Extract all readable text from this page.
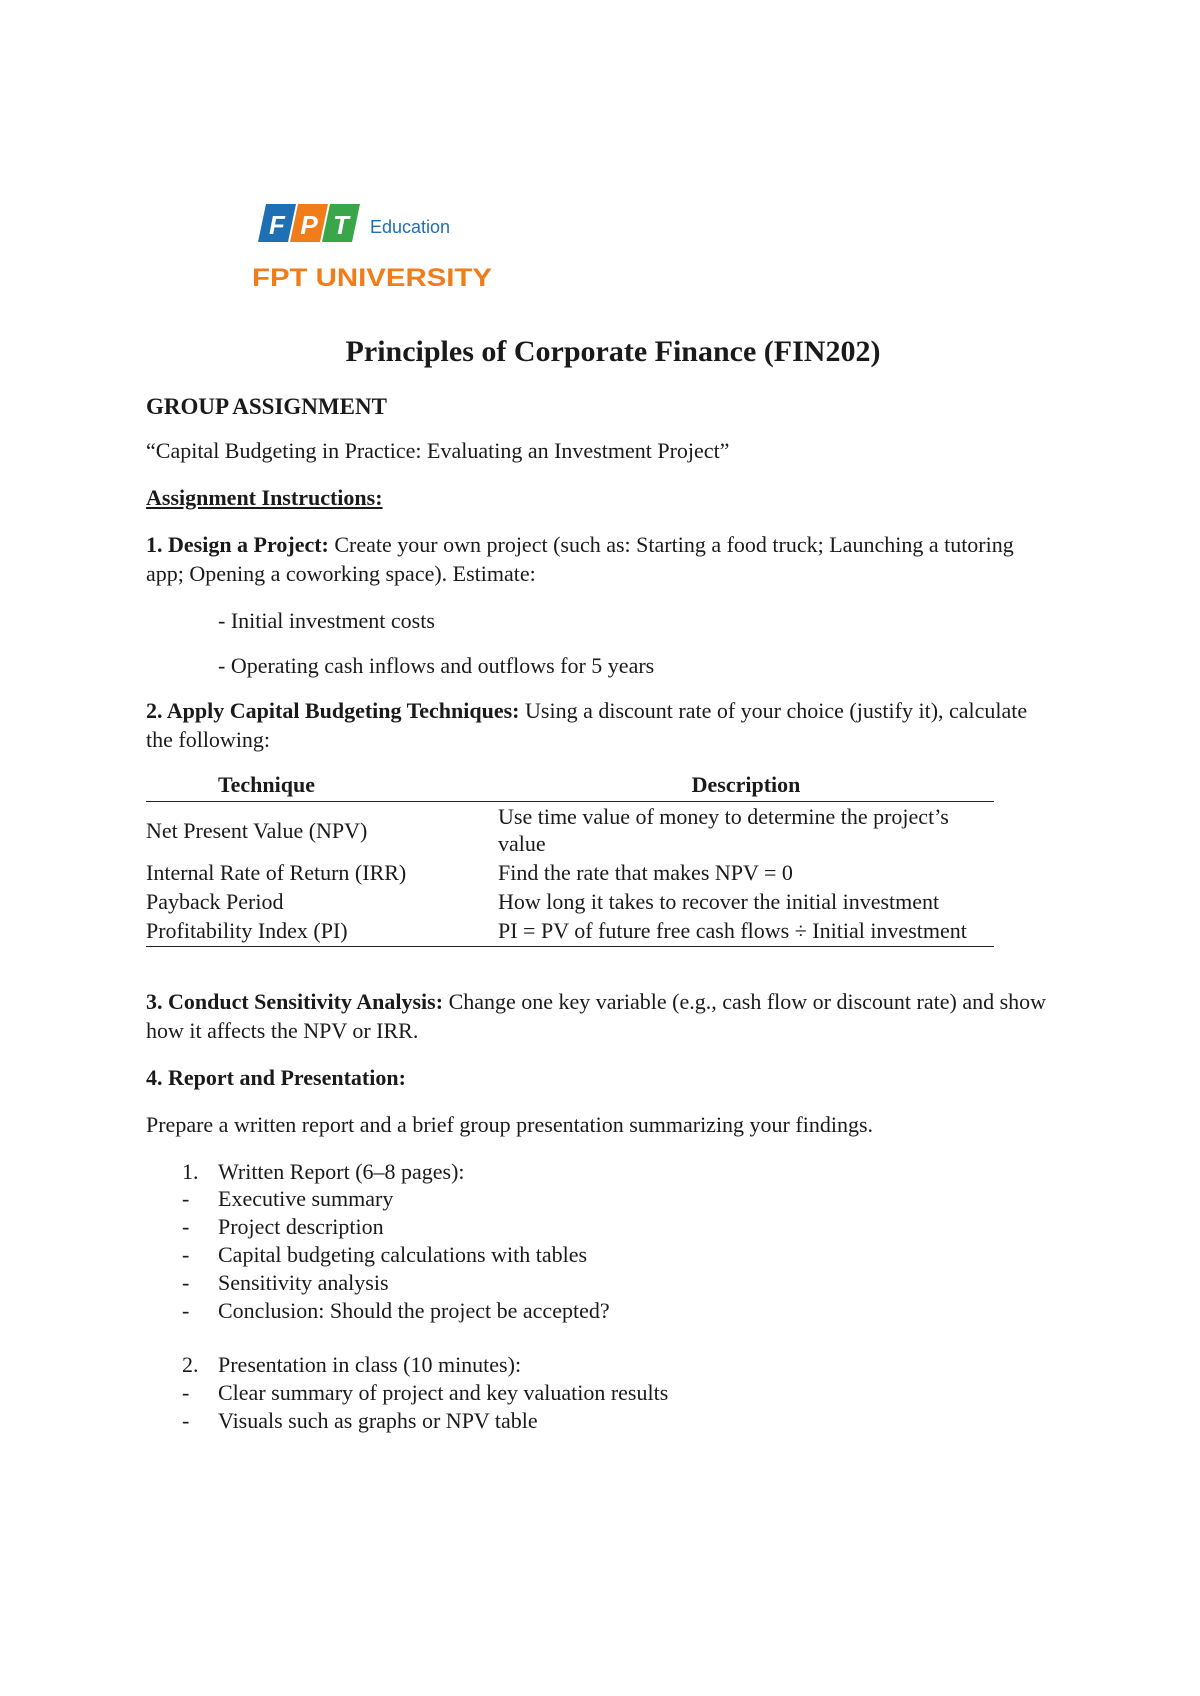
F P T Education
FPT UNIVERSITY
Principles of Corporate Finance (FIN202)
GROUP ASSIGNMENT

“Capital Budgeting in Practice: Evaluating an Investment Project”

Assignment Instructions:

1. Design a Project: Create your own project (such as: Starting a food truck; Launching a tutoring app; Opening a coworking space). Estimate:

- Initial investment costs
- Operating cash inflows and outflows for 5 years

2. Apply Capital Budgeting Techniques: Using a discount rate of your choice (justify it), calculate the following:

Technique	Description
Net Present Value (NPV)	Use time value of money to determine the project’s value
Internal Rate of Return (IRR)	Find the rate that makes NPV = 0
Payback Period	How long it takes to recover the initial investment
Profitability Index (PI)	PI = PV of future free cash flows ÷ Initial investment

3. Conduct Sensitivity Analysis: Change one key variable (e.g., cash flow or discount rate) and show how it affects the NPV or IRR.

4. Report and Presentation:

Prepare a written report and a brief group presentation summarizing your findings.

1. Written Report (6–8 pages):
-	Executive summary
-	Project description
-	Capital budgeting calculations with tables
-	Sensitivity analysis
-	Conclusion: Should the project be accepted?
2. Presentation in class (10 minutes):
-	Clear summary of project and key valuation results
-	Visuals such as graphs or NPV table
